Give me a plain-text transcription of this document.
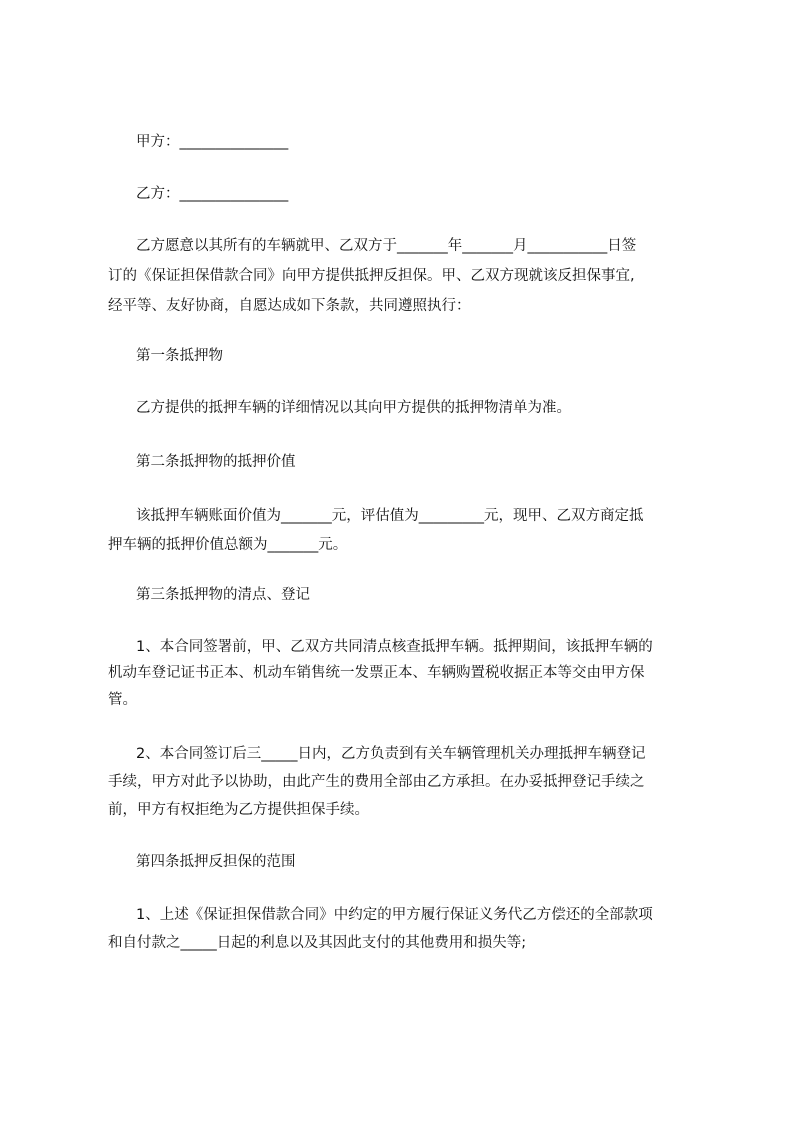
甲方：_______________
乙方：_______________
乙方愿意以其所有的车辆就甲、乙双方于_______年_______月___________日签
订的《保证担保借款合同》向甲方提供抵押反担保。甲、乙双方现就该反担保事宜,
经平等、友好协商，自愿达成如下条款，共同遵照执行：
第一条抵押物
乙方提供的抵押车辆的详细情况以其向甲方提供的抵押物清单为准。
第二条抵押物的抵押价值
该抵押车辆账面价值为_______元，评估值为_________元，现甲、乙双方商定抵
押车辆的抵押价值总额为_______元。
第三条抵押物的清点、登记
1、本合同签署前，甲、乙双方共同清点核查抵押车辆。抵押期间，该抵押车辆的
机动车登记证书正本、机动车销售统一发票正本、车辆购置税收据正本等交由甲方保
管。
2、本合同签订后三_____日内，乙方负责到有关车辆管理机关办理抵押车辆登记
手续，甲方对此予以协助，由此产生的费用全部由乙方承担。在办妥抵押登记手续之
前，甲方有权拒绝为乙方提供担保手续。
第四条抵押反担保的范围
1、上述《保证担保借款合同》中约定的甲方履行保证义务代乙方偿还的全部款项
和自付款之_____日起的利息以及其因此支付的其他费用和损失等;
